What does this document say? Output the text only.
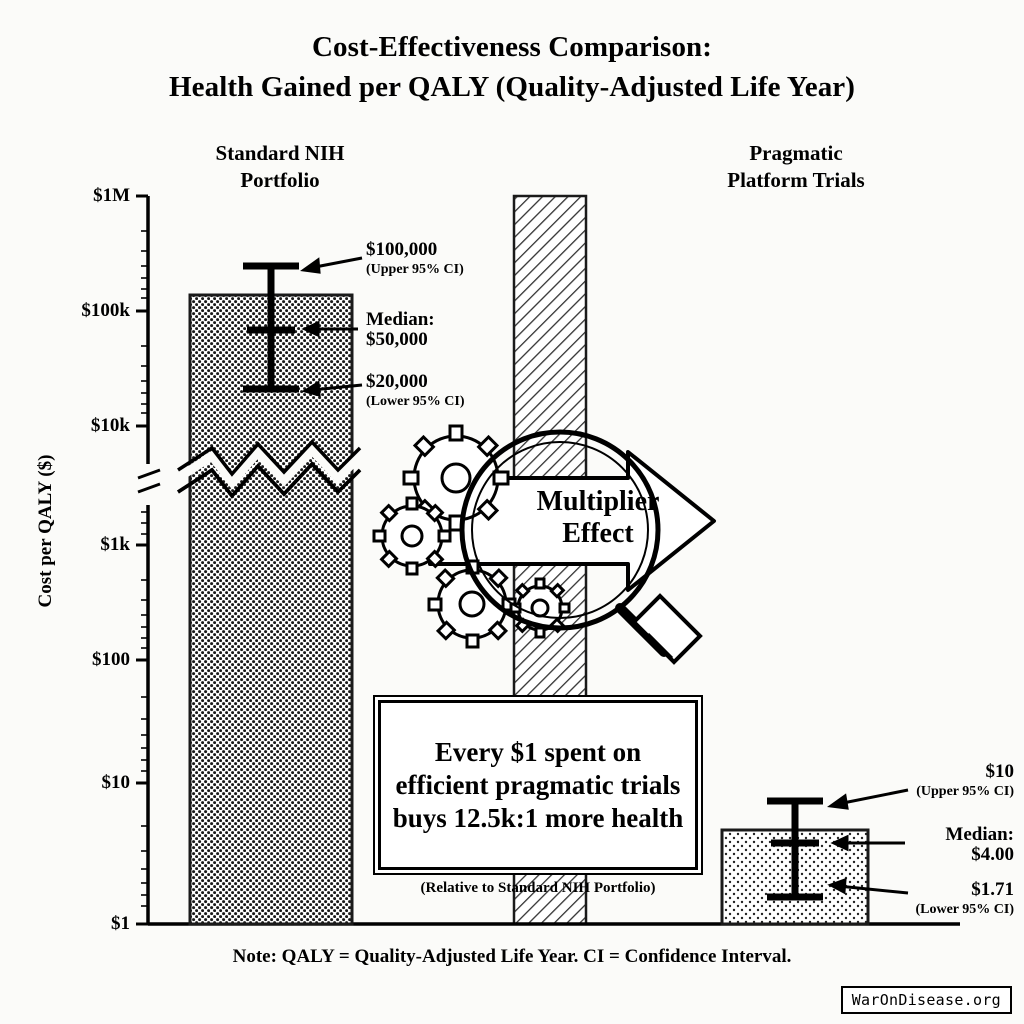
Cost-Effectiveness Comparison:
Health Gained per QALY (Quality-Adjusted Life Year)
Standard NIH
Portfolio
Pragmatic
Platform Trials
Cost per QALY ($)
$1M
$100k
$10k
$1k
$100
$10
$1
$100,000
(Upper 95% CI)
Median:
$50,000
$20,000
(Lower 95% CI)
$10
(Upper 95% CI)
Median:
$4.00
$1.71
(Lower 95% CI)
Multiplier
Effect
Every $1 spent on efficient pragmatic trials buys 12.5k:1 more health
(Relative to Standard NIH Portfolio)
Note: QALY = Quality-Adjusted Life Year. CI = Confidence Interval.
WarOnDisease.org
